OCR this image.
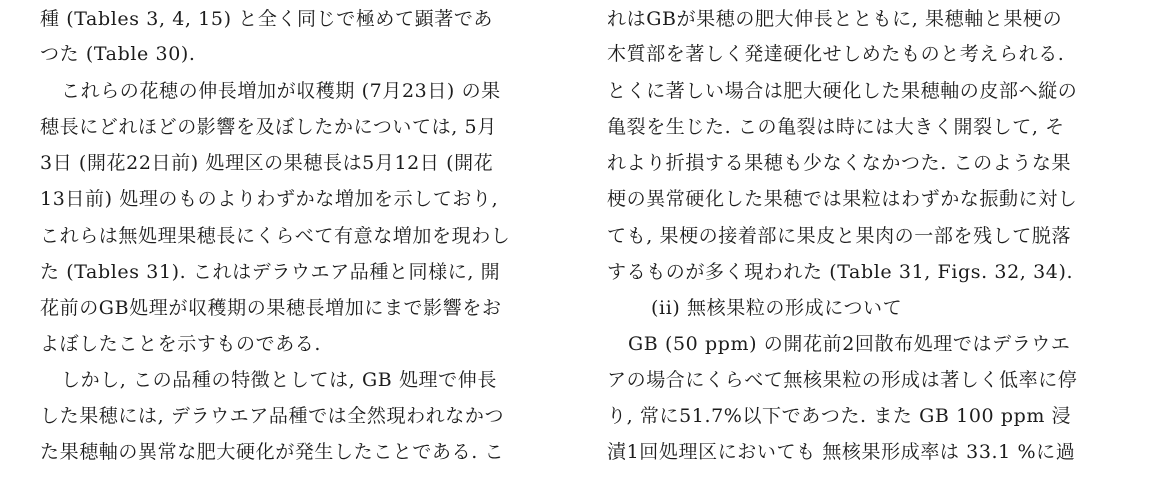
種 (Tables 3, 4, 15) と全く同じで極めて顕著であ
つた (Table 30).
これらの花穂の伸長増加が収穫期 (7月23日) の果
穂長にどれほどの影響を及ぼしたかについては, 5月
3日 (開花22日前) 処理区の果穂長は5月12日 (開花
13日前) 処理のものよりわずかな増加を示しており,
これらは無処理果穂長にくらべて有意な増加を現わし
た (Tables 31). これはデラウエア品種と同様に, 開
花前のGB処理が収穫期の果穂長増加にまで影響をお
よぼしたことを示すものである.
しかし, この品種の特徴としては, GB 処理で伸長
した果穂には, デラウエア品種では全然現われなかつ
た果穂軸の異常な肥大硬化が発生したことである. こ
れはGBが果穂の肥大伸長とともに, 果穂軸と果梗の
木質部を著しく発達硬化せしめたものと考えられる.
とくに著しい場合は肥大硬化した果穂軸の皮部へ縦の
亀裂を生じた. この亀裂は時には大きく開裂して, そ
れより折損する果穂も少なくなかつた. このような果
梗の異常硬化した果穂では果粒はわずかな振動に対し
ても, 果梗の接着部に果皮と果肉の一部を残して脱落
するものが多く現われた (Table 31, Figs. 32, 34).
(ii) 無核果粒の形成について
GB (50 ppm) の開花前2回散布処理ではデラウエ
アの場合にくらべて無核果粒の形成は著しく低率に停
り, 常に51.7%以下であつた. また GB 100 ppm 浸
漬1回処理区においても 無核果形成率は 33.1 %に過
